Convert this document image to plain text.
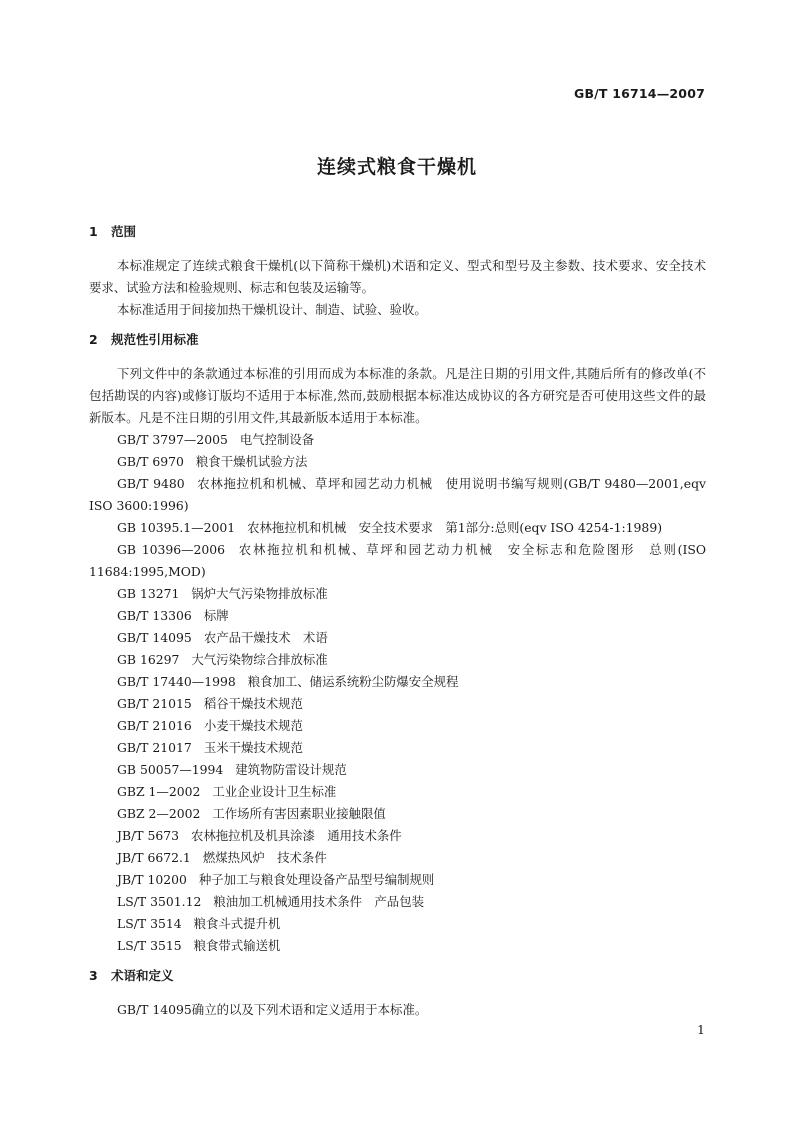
GB/T 16714—2007
连续式粮食干燥机
1 范围

本标准规定了连续式粮食干燥机(以下简称干燥机)术语和定义、型式和型号及主参数、技术要求、安全技术要求、试验方法和检验规则、标志和包装及运输等。

本标准适用于间接加热干燥机设计、制造、试验、验收。

2 规范性引用标准

下列文件中的条款通过本标准的引用而成为本标准的条款。凡是注日期的引用文件,其随后所有的修改单(不包括勘误的内容)或修订版均不适用于本标准,然而,鼓励根据本标准达成协议的各方研究是否可使用这些文件的最新版本。凡是不注日期的引用文件,其最新版本适用于本标准。

GB/T 3797—2005 电气控制设备
GB/T 6970 粮食干燥机试验方法
GB/T 9480 农林拖拉机和机械、草坪和园艺动力机械　使用说明书编写规则(GB/T 9480—2001,eqv ISO 3600:1996)
GB 10395.1—2001 农林拖拉机和机械　安全技术要求　第1部分:总则(eqv ISO 4254-1:1989)
GB 10396—2006 农林拖拉机和机械、草坪和园艺动力机械　安全标志和危险图形　总则(ISO 11684:1995,MOD)
GB 13271 锅炉大气污染物排放标准
GB/T 13306 标牌
GB/T 14095 农产品干燥技术　术语
GB 16297 大气污染物综合排放标准
GB/T 17440—1998 粮食加工、储运系统粉尘防爆安全规程
GB/T 21015 稻谷干燥技术规范
GB/T 21016 小麦干燥技术规范
GB/T 21017 玉米干燥技术规范
GB 50057—1994 建筑物防雷设计规范
GBZ 1—2002 工业企业设计卫生标准
GBZ 2—2002 工作场所有害因素职业接触限值
JB/T 5673 农林拖拉机及机具涂漆　通用技术条件
JB/T 6672.1 燃煤热风炉　技术条件
JB/T 10200 种子加工与粮食处理设备产品型号编制规则
LS/T 3501.12 粮油加工机械通用技术条件　产品包装
LS/T 3514 粮食斗式提升机
LS/T 3515 粮食带式输送机
3 术语和定义

GB/T 14095确立的以及下列术语和定义适用于本标准。

1
